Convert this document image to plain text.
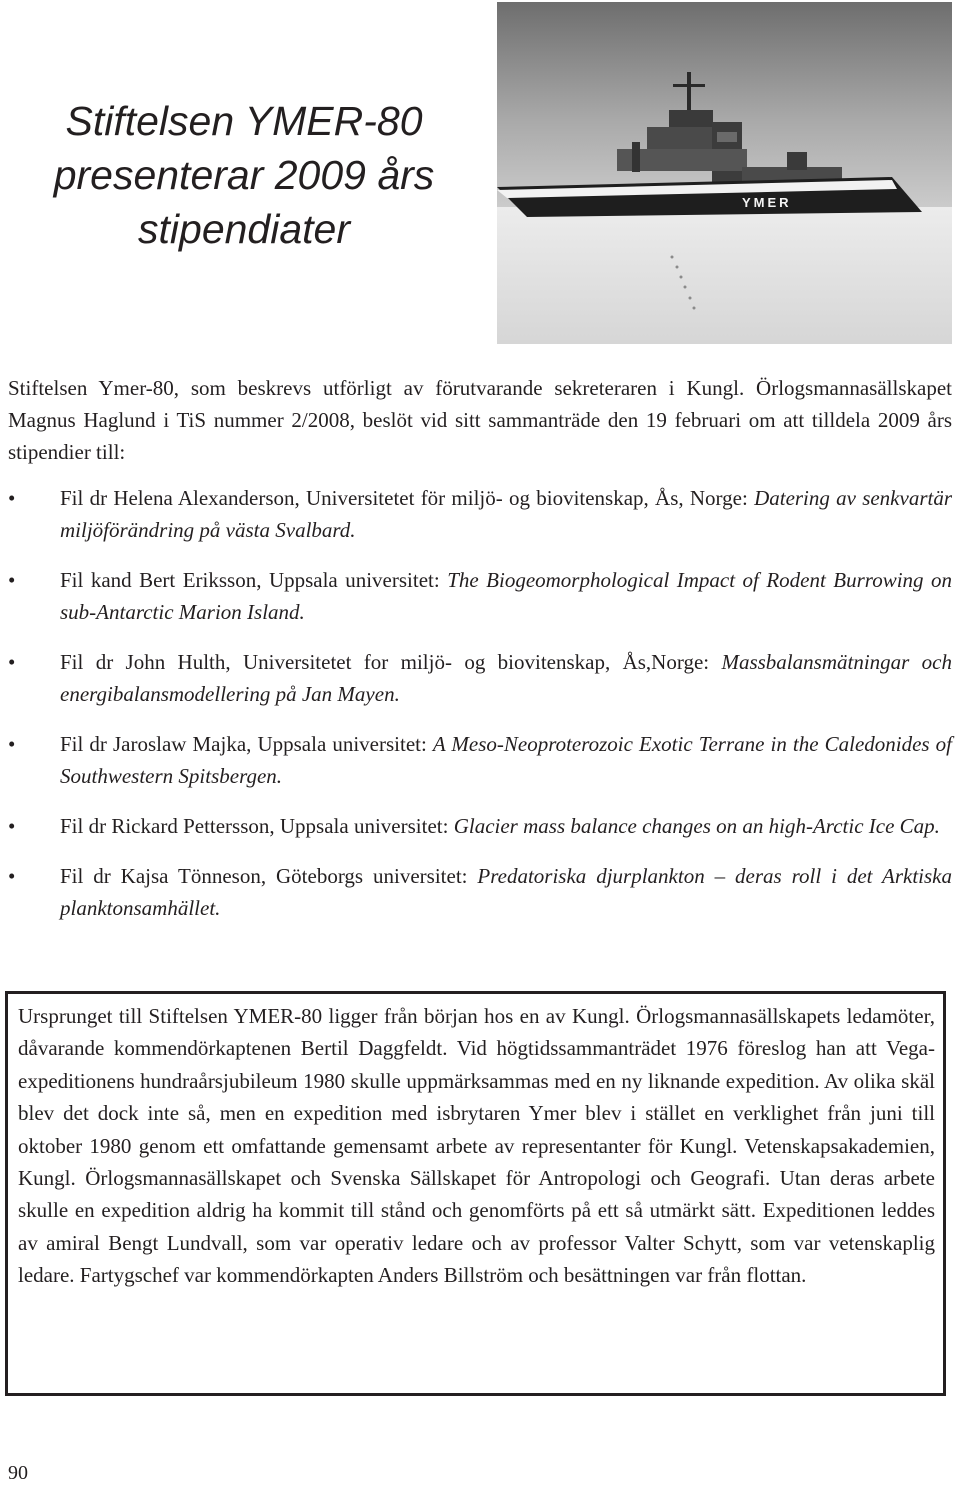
Stiftelsen YMER-80
presenterar 2009 års
stipendiater
YMER

Stiftelsen Ymer-80, som beskrevs utförligt av förutvarande sekreteraren i Kungl. Örlogsmannasällskapet Magnus Haglund i TiS nummer 2/2008, beslöt vid sitt sammanträde den 19 februari om att tilldela 2009 års stipendier till:

• Fil dr Helena Alexanderson, Universitetet för miljö- og biovitenskap, Ås, Norge: Datering av senkvartär miljöförändring på västa Svalbard.
• Fil kand Bert Eriksson, Uppsala universitet: The Biogeomorphological Impact of Rodent Burrowing on sub-Antarctic Marion Island.
• Fil dr John Hulth, Universitetet for miljö- og biovitenskap, Ås,Norge: Massbalansmätningar och energibalansmodellering på Jan Mayen.
• Fil dr Jaroslaw Majka, Uppsala universitet: A Meso-Neoproterozoic Exotic Terrane in the Caledonides of Southwestern Spitsbergen.
• Fil dr Rickard Pettersson, Uppsala universitet: Glacier mass balance changes on an high-Arctic Ice Cap.
• Fil dr Kajsa Tönneson, Göteborgs universitet: Predatoriska djurplankton – deras roll i det Arktiska planktonsamhället.

Ursprunget till Stiftelsen YMER-80 ligger från början hos en av Kungl. Örlogsmannasällskapets ledamöter, dåvarande kommendörkaptenen Bertil Daggfeldt. Vid högtidssammanträdet 1976 föreslog han att Vega-expeditionens hundraårsjubileum 1980 skulle uppmärksammas med en ny liknande expedition. Av olika skäl blev det dock inte så, men en expedition med isbrytaren Ymer blev i stället en verklighet från juni till oktober 1980 genom ett omfattande gemensamt arbete av representanter för Kungl. Vetenskapsakademien, Kungl. Örlogsmannasällskapet och Svenska Sällskapet för Antropologi och Geografi. Utan deras arbete skulle en expedition aldrig ha kommit till stånd och genomförts på ett så utmärkt sätt. Expeditionen leddes av amiral Bengt Lundvall, som var operativ ledare och av professor Valter Schytt, som var vetenskaplig ledare. Fartygschef var kommendörkapten Anders Billström och besättningen var från flottan.

90
